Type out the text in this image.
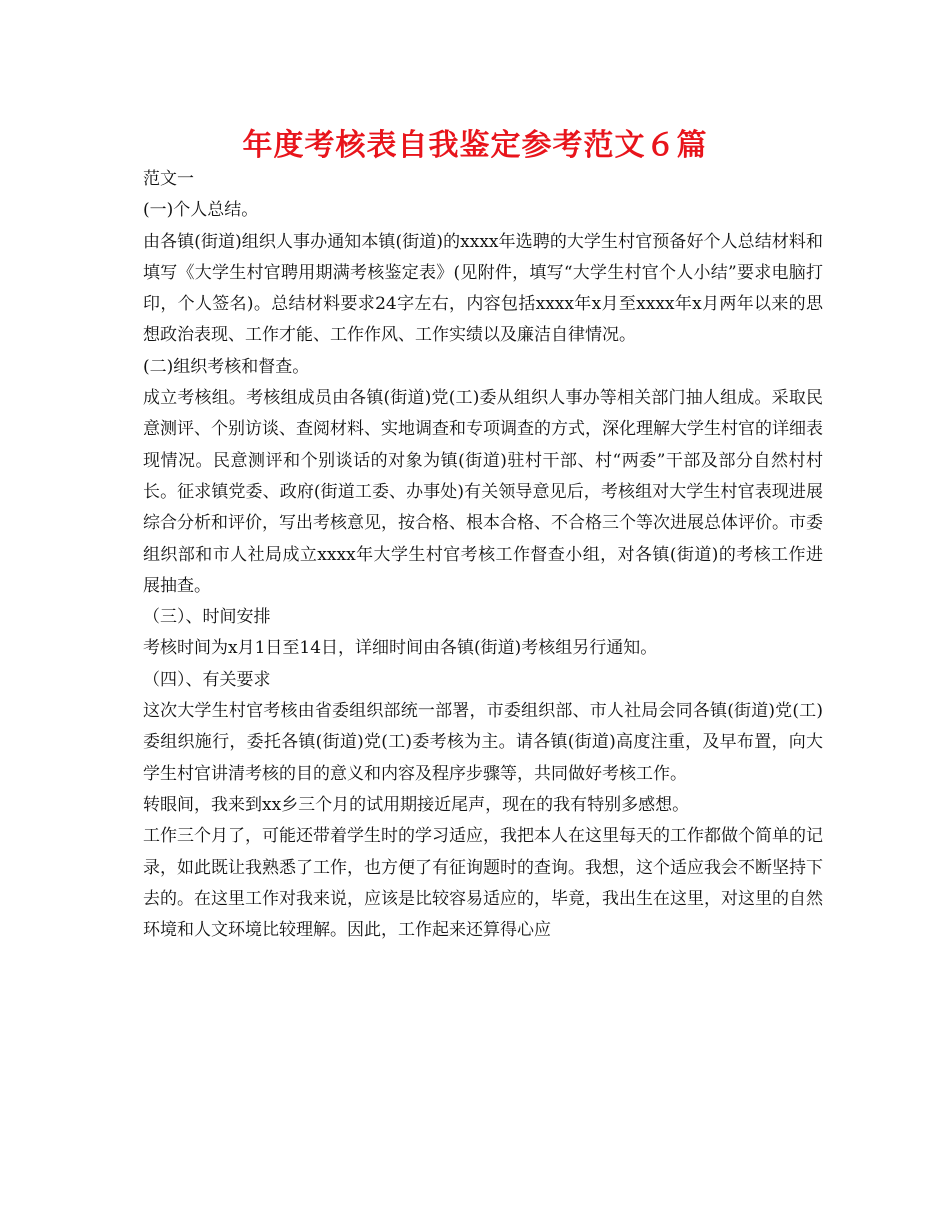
年度考核表自我鉴定参考范文６篇

范文一

(一)个人总结。

由各镇(街道)组织人事办通知本镇(街道)的xxxx年选聘的大学生村官预备好个人总结材料和填写《大学生村官聘用期满考核鉴定表》(见附件，填写“大学生村官个人小结”要求电脑打印，个人签名)。总结材料要求24字左右，内容包括xxxx年x月至xxxx年x月两年以来的思想政治表现、工作才能、工作作风、工作实绩以及廉洁自律情况。

(二)组织考核和督查。

成立考核组。考核组成员由各镇(街道)党(工)委从组织人事办等相关部门抽人组成。采取民意测评、个别访谈、查阅材料、实地调查和专项调查的方式，深化理解大学生村官的详细表现情况。民意测评和个别谈话的对象为镇(街道)驻村干部、村“两委”干部及部分自然村村长。征求镇党委、政府(街道工委、办事处)有关领导意见后，考核组对大学生村官表现进展综合分析和评价，写出考核意见，按合格、根本合格、不合格三个等次进展总体评价。市委组织部和市人社局成立xxxx年大学生村官考核工作督查小组，对各镇(街道)的考核工作进展抽查。

（三）、时间安排

考核时间为x月1日至14日，详细时间由各镇(街道)考核组另行通知。

（四）、有关要求

这次大学生村官考核由省委组织部统一部署，市委组织部、市人社局会同各镇(街道)党(工)委组织施行，委托各镇(街道)党(工)委考核为主。请各镇(街道)高度注重，及早布置，向大学生村官讲清考核的目的意义和内容及程序步骤等，共同做好考核工作。

转眼间，我来到xx乡三个月的试用期接近尾声，现在的我有特别多感想。

工作三个月了，可能还带着学生时的学习适应，我把本人在这里每天的工作都做个简单的记录，如此既让我熟悉了工作，也方便了有征询题时的查询。我想，这个适应我会不断坚持下去的。在这里工作对我来说，应该是比较容易适应的，毕竟，我出生在这里，对这里的自然环境和人文环境比较理解。因此，工作起来还算得心应
